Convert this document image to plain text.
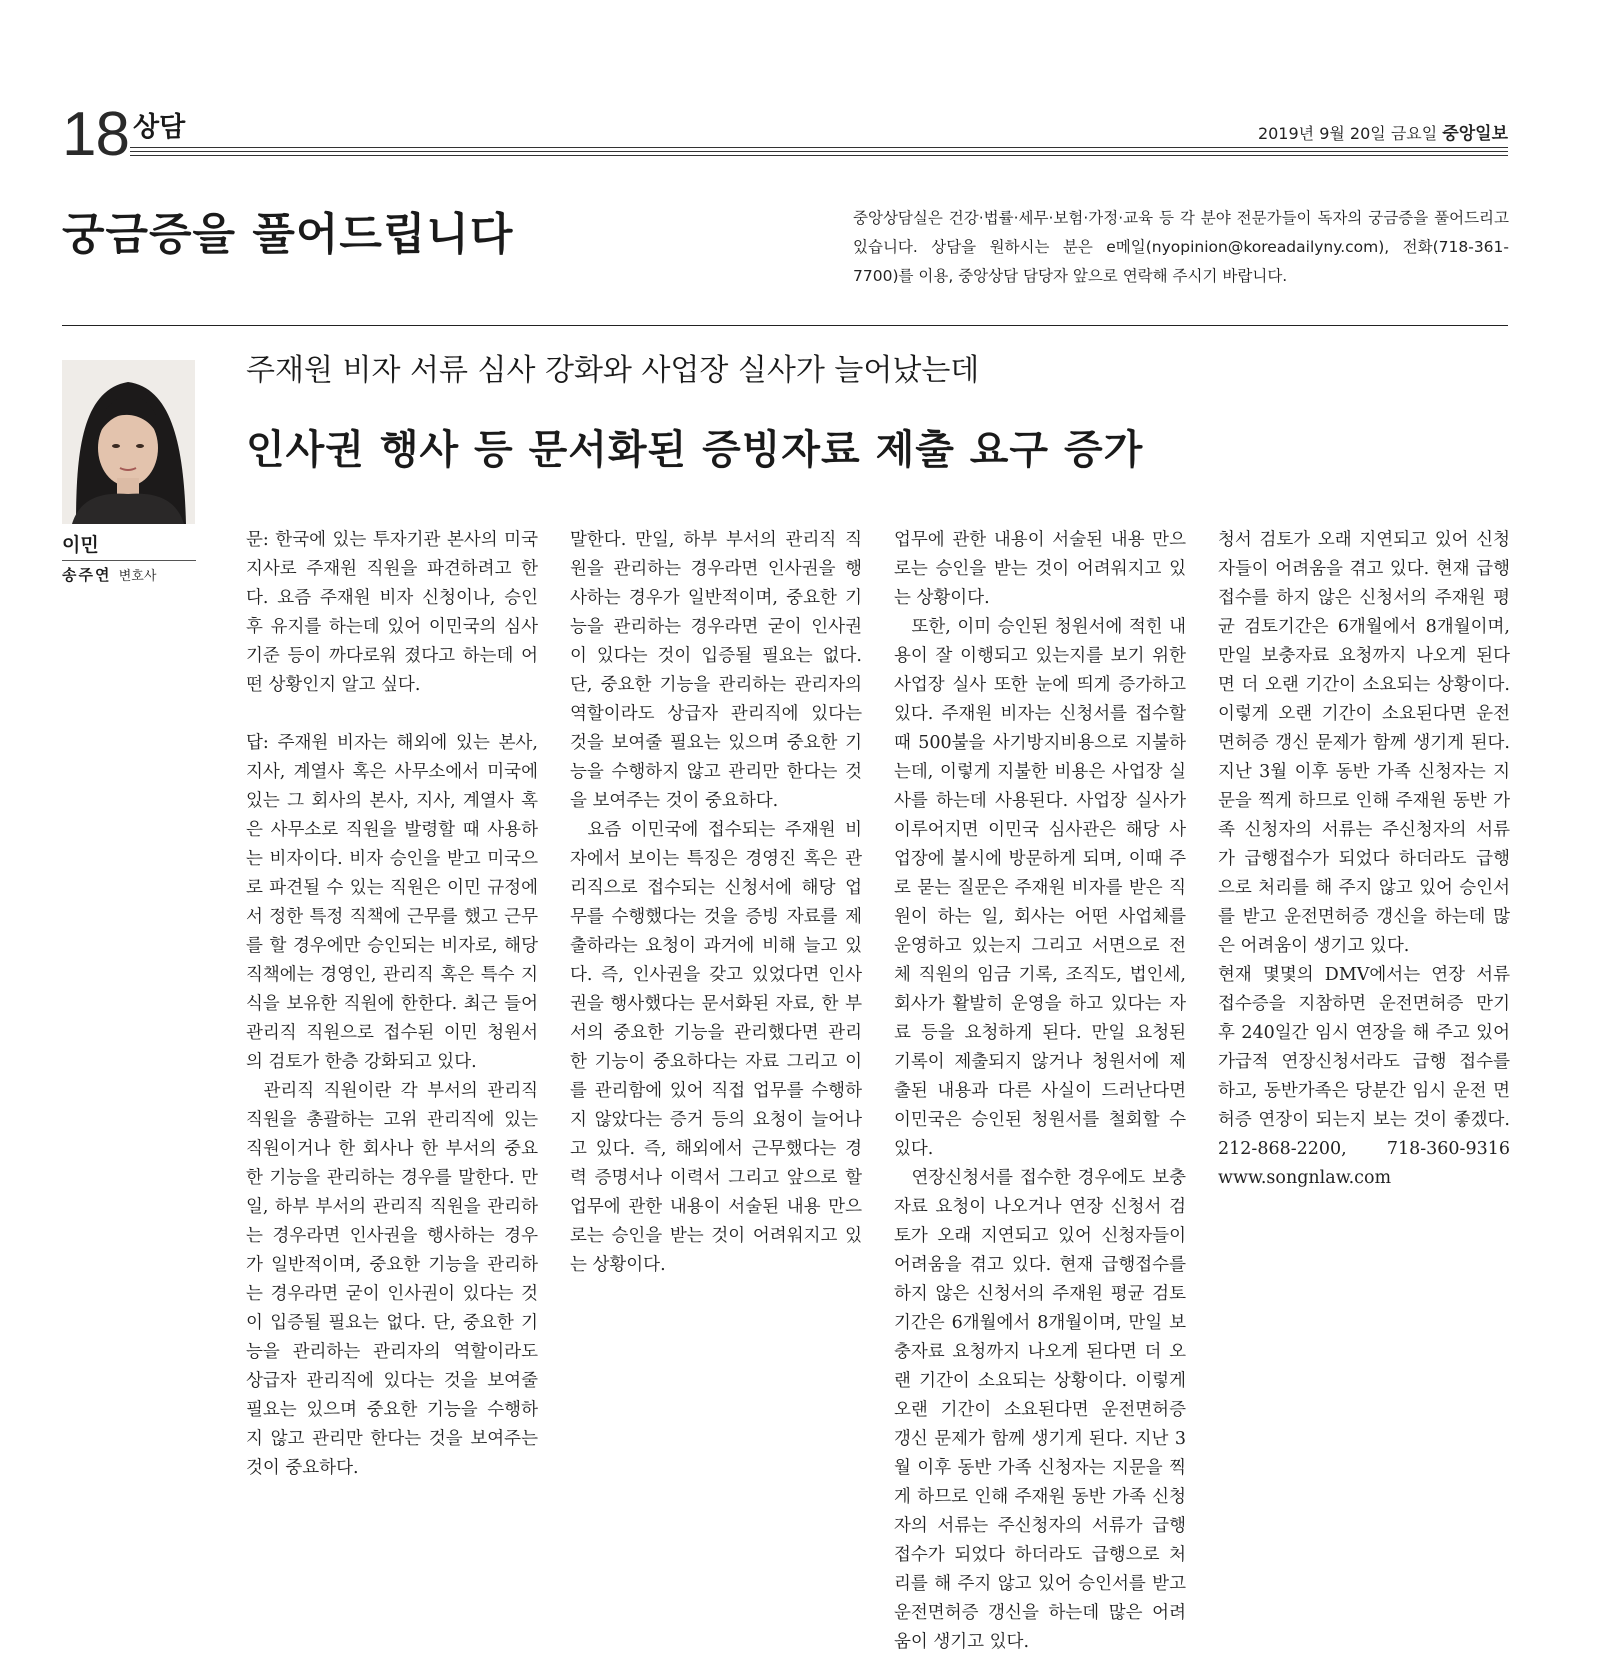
18 상담	2019년 9월 20일 금요일 중앙일보
궁금증을 풀어드립니다	중앙상담실은 건강·법률·세무·보험·가정·교육 등 각 분야 전문가들이 독자의 궁금증을 풀어드리고 있습니다. 상담을 원하시는 분은 e메일(nyopinion@koreadailyny.com), 전화(718-361-7700)를 이용, 중앙상담 담당자 앞으로 연락해 주시기 바랍니다.
이민
송주연 변호사
주재원 비자 서류 심사 강화와 사업장 실사가 늘어났는데
인사권 행사 등 문서화된 증빙자료 제출 요구 증가

문: 한국에 있는 투자기관 본사의 미국 지사로 주재원 직원을 파견하려고 한다. 요즘 주재원 비자 신청이나, 승인 후 유지를 하는데 있어 이민국의 심사 기준 등이 까다로워 졌다고 하는데 어떤 상황인지 알고 싶다.

답: 주재원 비자는 해외에 있는 본사, 지사, 계열사 혹은 사무소에서 미국에 있는 그 회사의 본사, 지사, 계열사 혹은 사무소로 직원을 발령할 때 사용하는 비자이다. 비자 승인을 받고 미국으로 파견될 수 있는 직원은 이민 규정에서 정한 특정 직책에 근무를 했고 근무를 할 경우에만 승인되는 비자로, 해당 직책에는 경영인, 관리직 혹은 특수 지식을 보유한 직원에 한한다. 최근 들어 관리직 직원으로 접수된 이민 청원서의 검토가 한층 강화되고 있다.

관리직 직원이란 각 부서의 관리직 직원을 총괄하는 고위 관리직에 있는 직원이거나 한 회사나 한 부서의 중요한 기능을 관리하는 경우를 말한다. 만일, 하부 부서의 관리직 직원을 관리하는 경우라면 인사권을 행사하는 경우가 일반적이며, 중요한 기능을 관리하는 경우라면 굳이 인사권이 있다는 것이 입증될 필요는 없다. 단, 중요한 기능을 관리하는 관리자의 역할이라도 상급자 관리직에 있다는 것을 보여줄 필요는 있으며 중요한 기능을 수행하지 않고 관리만 한다는 것을 보여주는 것이 중요하다.

말한다. 만일, 하부 부서의 관리직 직원을 관리하는 경우라면 인사권을 행사하는 경우가 일반적이며, 중요한 기능을 관리하는 경우라면 굳이 인사권이 있다는 것이 입증될 필요는 없다. 단, 중요한 기능을 관리하는 관리자의 역할이라도 상급자 관리직에 있다는 것을 보여줄 필요는 있으며 중요한 기능을 수행하지 않고 관리만 한다는 것을 보여주는 것이 중요하다.

요즘 이민국에 접수되는 주재원 비자에서 보이는 특징은 경영진 혹은 관리직으로 접수되는 신청서에 해당 업무를 수행했다는 것을 증빙 자료를 제출하라는 요청이 과거에 비해 늘고 있다. 즉, 인사권을 갖고 있었다면 인사권을 행사했다는 문서화된 자료, 한 부서의 중요한 기능을 관리했다면 관리한 기능이 중요하다는 자료 그리고 이를 관리함에 있어 직접 업무를 수행하지 않았다는 증거 등의 요청이 늘어나고 있다. 즉, 해외에서 근무했다는 경력 증명서나 이력서 그리고 앞으로 할 업무에 관한 내용이 서술된 내용 만으로는 승인을 받는 것이 어려워지고 있는 상황이다.

업무에 관한 내용이 서술된 내용 만으로는 승인을 받는 것이 어려워지고 있는 상황이다.

또한, 이미 승인된 청원서에 적힌 내용이 잘 이행되고 있는지를 보기 위한 사업장 실사 또한 눈에 띄게 증가하고 있다. 주재원 비자는 신청서를 접수할 때 500불을 사기방지비용으로 지불하는데, 이렇게 지불한 비용은 사업장 실사를 하는데 사용된다. 사업장 실사가 이루어지면 이민국 심사관은 해당 사업장에 불시에 방문하게 되며, 이때 주로 묻는 질문은 주재원 비자를 받은 직원이 하는 일, 회사는 어떤 사업체를 운영하고 있는지 그리고 서면으로 전체 직원의 임금 기록, 조직도, 법인세, 회사가 활발히 운영을 하고 있다는 자료 등을 요청하게 된다. 만일 요청된 기록이 제출되지 않거나 청원서에 제출된 내용과 다른 사실이 드러난다면 이민국은 승인된 청원서를 철회할 수 있다.

연장신청서를 접수한 경우에도 보충자료 요청이 나오거나 연장 신청서 검토가 오래 지연되고 있어 신청자들이 어려움을 겪고 있다. 현재 급행접수를 하지 않은 신청서의 주재원 평균 검토기간은 6개월에서 8개월이며, 만일 보충자료 요청까지 나오게 된다면 더 오랜 기간이 소요되는 상황이다. 이렇게 오랜 기간이 소요된다면 운전면허증 갱신 문제가 함께 생기게 된다. 지난 3월 이후 동반 가족 신청자는 지문을 찍게 하므로 인해 주재원 동반 가족 신청자의 서류는 주신청자의 서류가 급행접수가 되었다 하더라도 급행으로 처리를 해 주지 않고 있어 승인서를 받고 운전면허증 갱신을 하는데 많은 어려움이 생기고 있다.

청서 검토가 오래 지연되고 있어 신청자들이 어려움을 겪고 있다. 현재 급행접수를 하지 않은 신청서의 주재원 평균 검토기간은 6개월에서 8개월이며, 만일 보충자료 요청까지 나오게 된다면 더 오랜 기간이 소요되는 상황이다. 이렇게 오랜 기간이 소요된다면 운전면허증 갱신 문제가 함께 생기게 된다. 지난 3월 이후 동반 가족 신청자는 지문을 찍게 하므로 인해 주재원 동반 가족 신청자의 서류는 주신청자의 서류가 급행접수가 되었다 하더라도 급행으로 처리를 해 주지 않고 있어 승인서를 받고 운전면허증 갱신을 하는데 많은 어려움이 생기고 있다.

현재 몇몇의 DMV에서는 연장 서류 접수증을 지참하면 운전면허증 만기 후 240일간 임시 연장을 해 주고 있어 가급적 연장신청서라도 급행 접수를 하고, 동반가족은 당분간 임시 운전 면허증 연장이 되는지 보는 것이 좋겠다. 212-868-2200, 718-360-9316 www.songnlaw.com
